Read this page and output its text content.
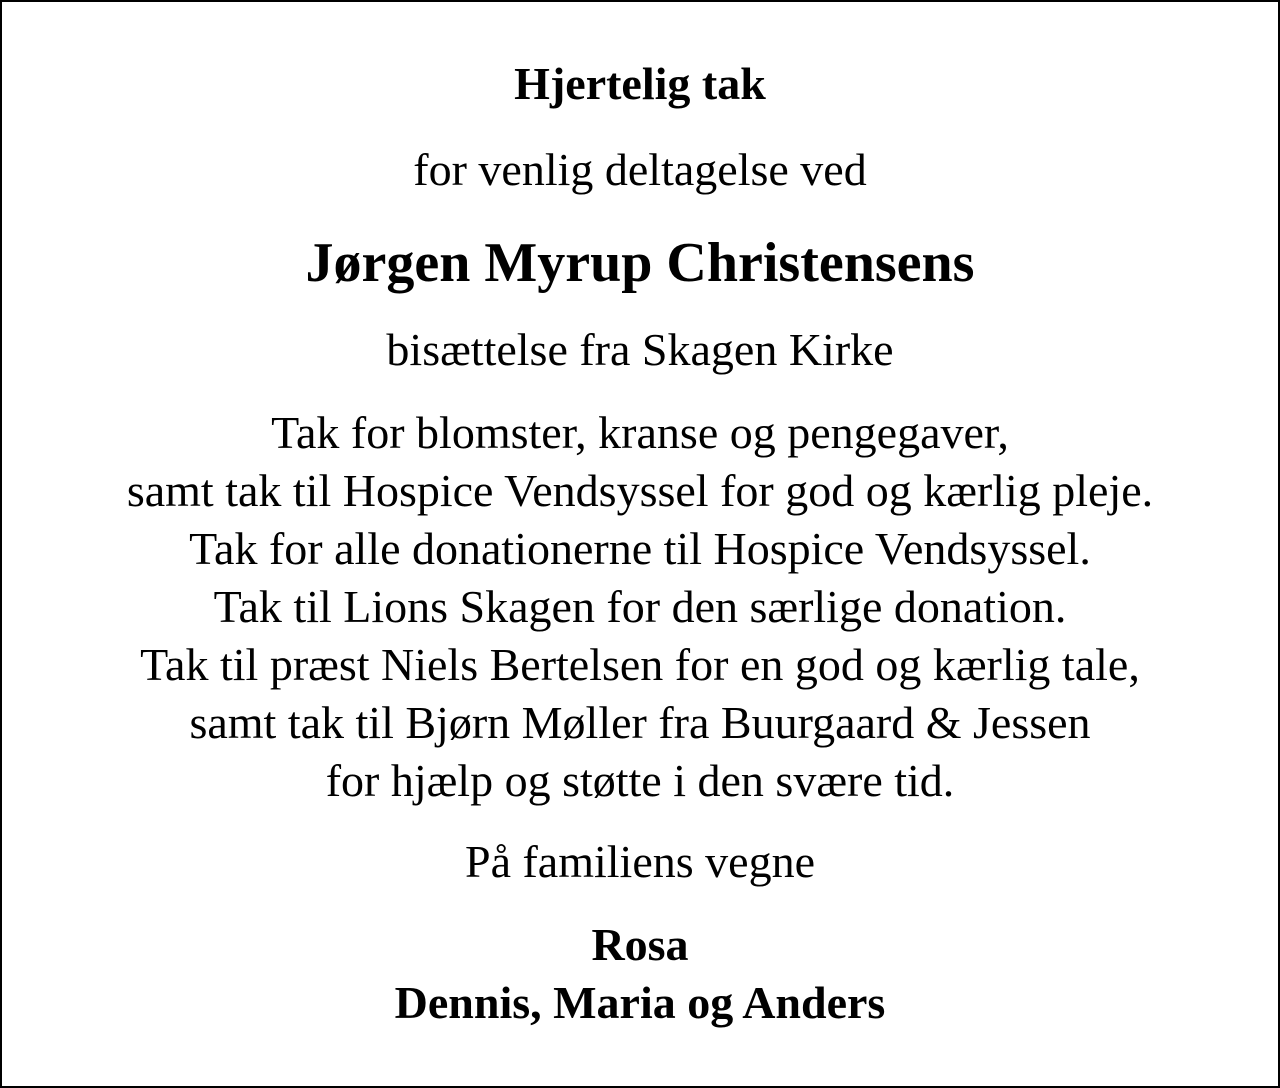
Hjertelig tak
for venlig deltagelse ved
Jørgen Myrup Christensens
bisættelse fra Skagen Kirke
Tak for blomster, kranse og pengegaver,
samt tak til Hospice Vendsyssel for god og kærlig pleje.
Tak for alle donationerne til Hospice Vendsyssel.
Tak til Lions Skagen for den særlige donation.
Tak til præst Niels Bertelsen for en god og kærlig tale,
samt tak til Bjørn Møller fra Buurgaard & Jessen
for hjælp og støtte i den svære tid.
På familiens vegne
Rosa
Dennis, Maria og Anders
